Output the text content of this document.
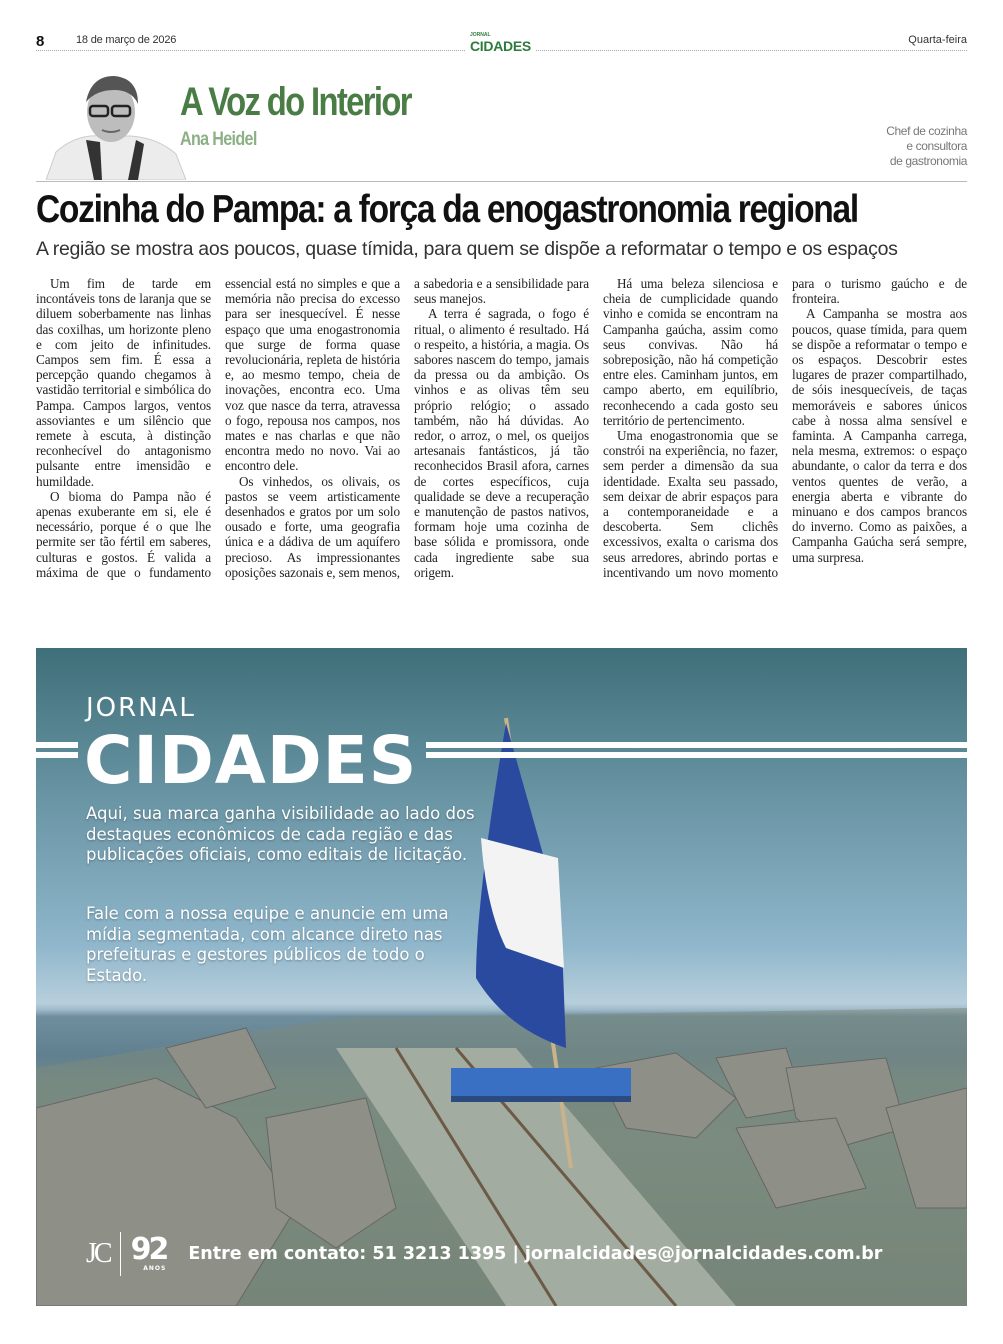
8	18 de março de 2026	JORNAL
CIDADES	Quarta-feira
A Voz do Interior
Ana Heidel	Chef de cozinha
e consultora
de gastronomia
Cozinha do Pampa: a força da enogastronomia regional
A região se mostra aos poucos, quase tímida, para quem se dispõe a reformatar o tempo e os espaços

Um fim de tarde em incontáveis tons de laranja que se diluem soberbamente nas linhas das coxilhas, um horizonte pleno e com jeito de infinitudes. Campos sem fim. É essa a percepção quando chegamos à vastidão territorial e simbólica do Pampa. Campos largos, ventos assoviantes e um silêncio que remete à escuta, à distinção reconhecível do antagonismo pulsante entre imensidão e humildade.

O bioma do Pampa não é apenas exuberante em si, ele é necessário, porque é o que lhe permite ser tão fértil em saberes, culturas e gostos. É valida a máxima de que o fundamento essencial está no simples e que a memória não precisa do excesso para ser inesquecível. É nesse espaço que uma enogastronomia que surge de forma quase revolucionária, repleta de história e, ao mesmo tempo, cheia de inovações, encontra eco. Uma voz que nasce da terra, atravessa o fogo, repousa nos campos, nos mates e nas charlas e que não encontra medo no novo. Vai ao encontro dele.

Os vinhedos, os olivais, os pastos se veem artisticamente desenhados e gratos por um solo ousado e forte, uma geografia única e a dádiva de um aquífero precioso. As impressionantes oposições sazonais e, sem menos, a sabedoria e a sensibilidade para seus manejos.

A terra é sagrada, o fogo é ritual, o alimento é resultado. Há o respeito, a história, a magia. Os sabores nascem do tempo, jamais da pressa ou da ambição. Os vinhos e as olivas têm seu próprio relógio; o assado também, não há dúvidas. Ao redor, o arroz, o mel, os queijos artesanais fantásticos, já tão reconhecidos Brasil afora, carnes de cortes específicos, cuja qualidade se deve a recuperação e manutenção de pastos nativos, formam hoje uma cozinha de base sólida e promissora, onde cada ingrediente sabe sua origem.

Há uma beleza silenciosa e cheia de cumplicidade quando vinho e comida se encontram na Campanha gaúcha, assim como seus convivas. Não há sobreposição, não há competição entre eles. Caminham juntos, em campo aberto, em equilíbrio, reconhecendo a cada gosto seu território de pertencimento.

Uma enogastronomia que se constrói na experiência, no fazer, sem perder a dimensão da sua identidade. Exalta seu passado, sem deixar de abrir espaços para a contemporaneidade e a descoberta. Sem clichês excessivos, exalta o carisma dos seus arredores, abrindo portas e incentivando um novo momento para o turismo gaúcho e de fronteira.

A Campanha se mostra aos poucos, quase tímida, para quem se dispõe a reformatar o tempo e os espaços. Descobrir estes lugares de prazer compartilhado, de sóis inesquecíveis, de taças memoráveis e sabores únicos cabe à nossa alma sensível e faminta. A Campanha carrega, nela mesma, extremos: o espaço abundante, o calor da terra e dos ventos quentes de verão, a energia aberta e vibrante do minuano e dos campos brancos do inverno. Como as paixões, a Campanha Gaúcha será sempre, uma surpresa.

JORNAL
CIDADES
Aqui, sua marca ganha visibilidade ao lado dos destaques econômicos de cada região e das publicações oficiais, como editais de licitação.
Fale com a nossa equipe e anuncie em uma mídia segmentada, com alcance direto nas prefeituras e gestores públicos de todo o Estado.
JC 92
ANOS
Entre em contato: 51 3213 1395 | jornalcidades@jornalcidades.com.br
